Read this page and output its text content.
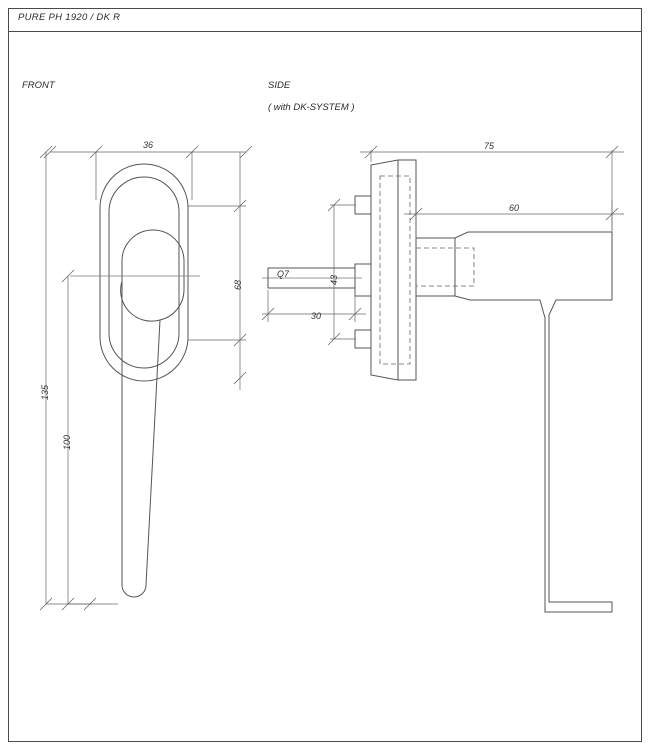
PURE PH 1920 / DK R
FRONT	SIDE
( with DK-SYSTEM )
36
68
135
100
75
60
30
43
Q7
